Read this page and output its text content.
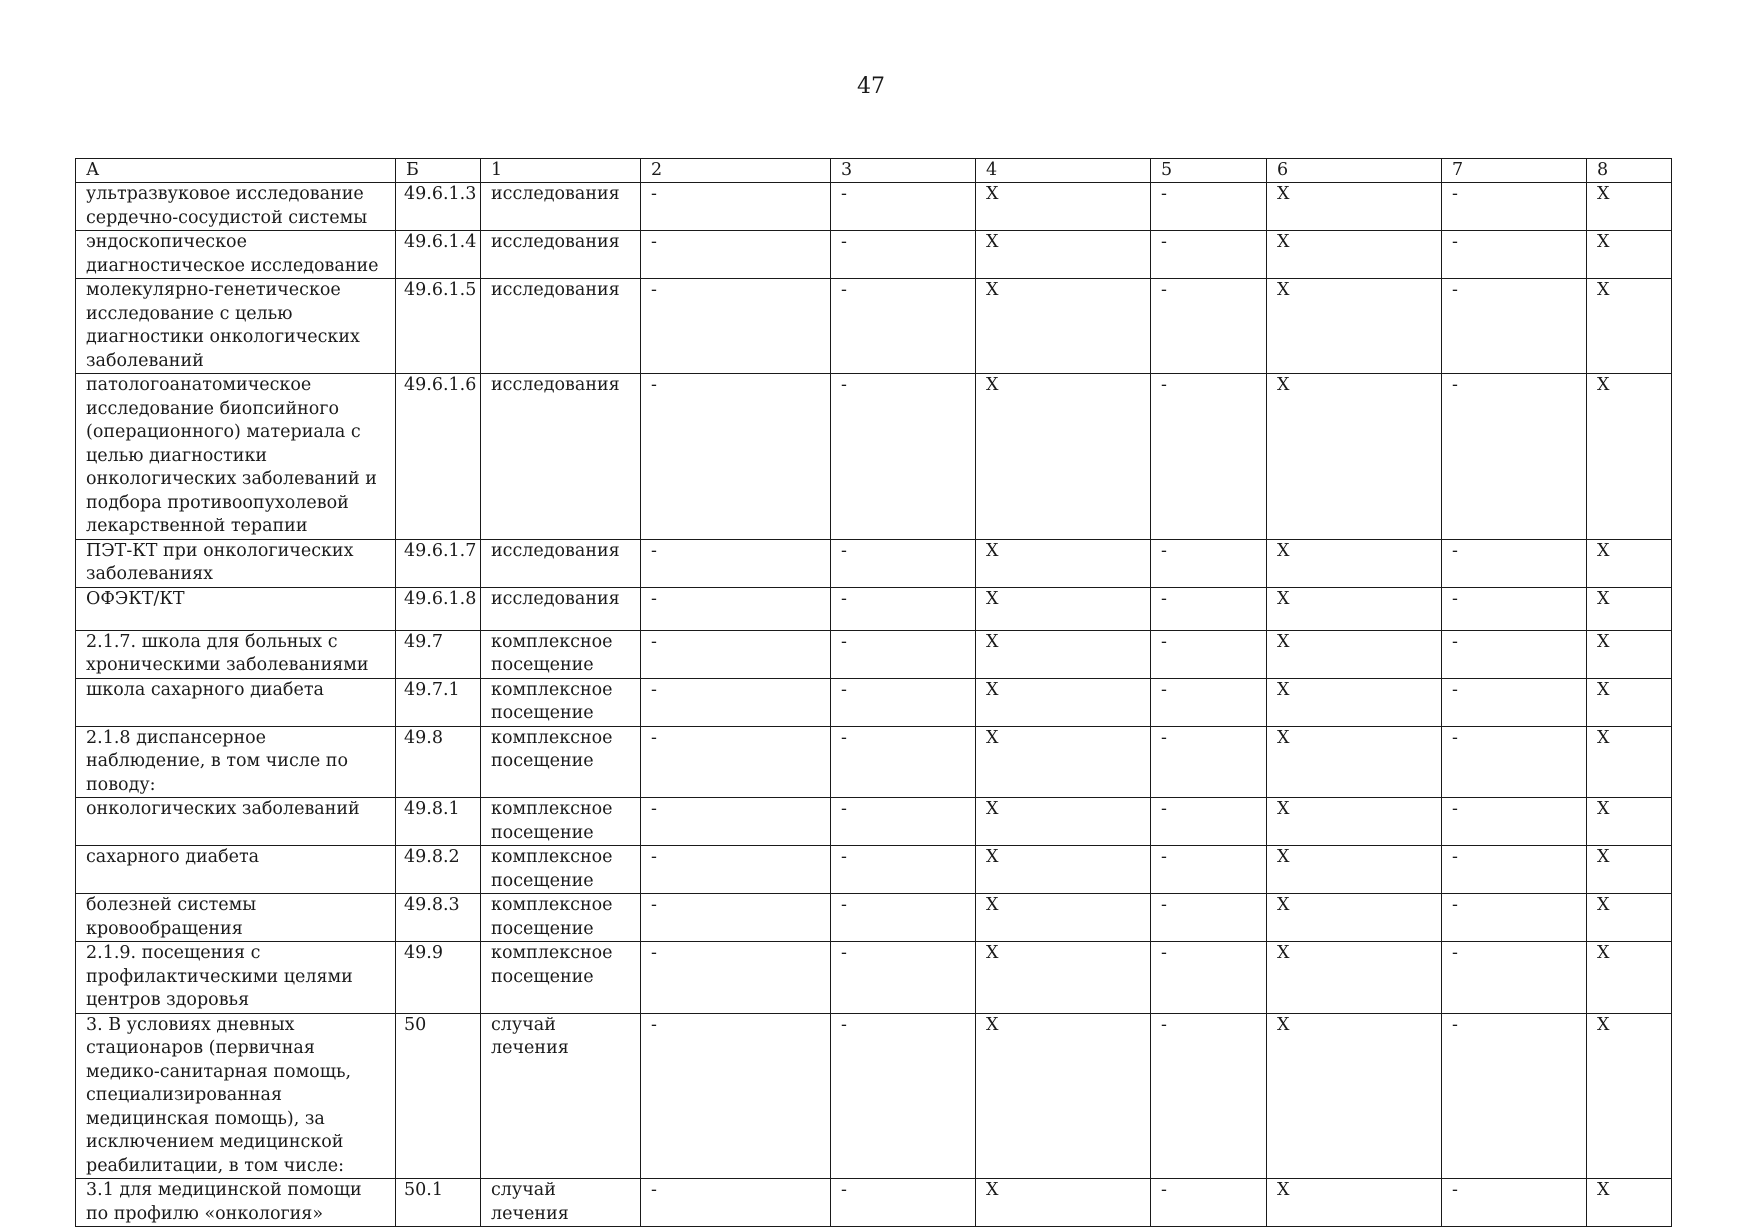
47
А	Б	1	2	3	4	5	6	7	8
ультразвуковое исследование сердечно-сосудистой системы	49.6.1.3	исследования	-	-	X	-	X	-	X
эндоскопическое диагностическое исследование	49.6.1.4	исследования	-	-	X	-	X	-	X
молекулярно-генетическое исследование с целью диагностики онкологических заболеваний	49.6.1.5	исследования	-	-	X	-	X	-	X
патологоанатомическое исследование биопсийного (операционного) материала с целью диагностики онкологических заболеваний и подбора противоопухолевой лекарственной терапии	49.6.1.6	исследования	-	-	X	-	X	-	X
ПЭТ-КТ при онкологических заболеваниях	49.6.1.7	исследования	-	-	X	-	X	-	X
ОФЭКТ/КТ	49.6.1.8	исследования	-	-	X	-	X	-	X
2.1.7. школа для больных с хроническими заболеваниями	49.7	комплексное посещение	-	-	X	-	X	-	X
школа сахарного диабета	49.7.1	комплексное посещение	-	-	X	-	X	-	X
2.1.8 диспансерное наблюдение, в том числе по поводу:	49.8	комплексное посещение	-	-	X	-	X	-	X
онкологических заболеваний	49.8.1	комплексное посещение	-	-	X	-	X	-	X
сахарного диабета	49.8.2	комплексное посещение	-	-	X	-	X	-	X
болезней системы кровообращения	49.8.3	комплексное посещение	-	-	X	-	X	-	X
2.1.9. посещения с профилактическими целями центров здоровья	49.9	комплексное посещение	-	-	X	-	X	-	X
3. В условиях дневных стационаров (первичная медико-санитарная помощь, специализированная медицинская помощь), за исключением медицинской реабилитации, в том числе:	50	случай лечения	-	-	X	-	X	-	X
3.1 для медицинской помощи по профилю «онкология»	50.1	случай лечения	-	-	X	-	X	-	X
